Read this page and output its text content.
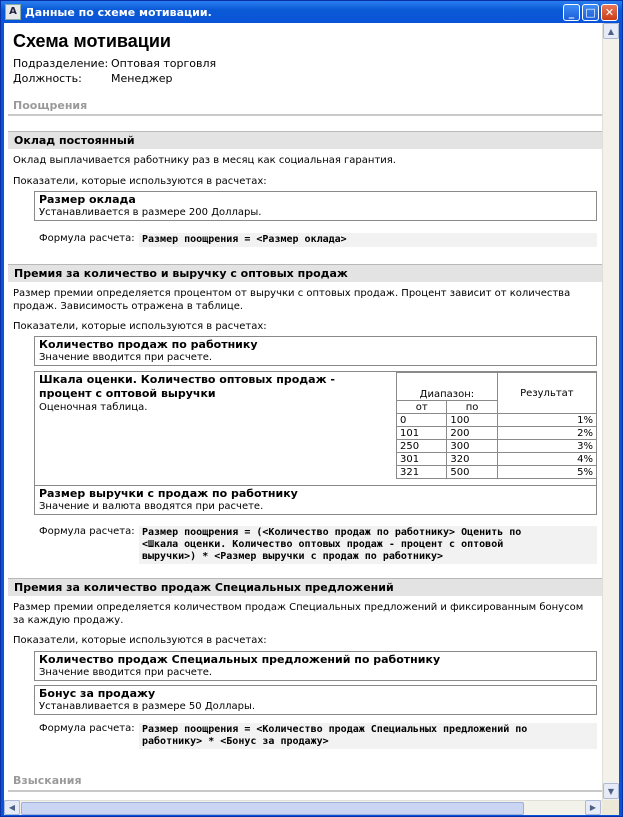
A Данные по схеме мотивации.	_	□ ✕
Схема мотивации
Подразделение: Оптовая торговля
Должность:	Менеджер
Поощрения
Оклад постоянный
Оклад выплачивается работнику раз в месяц как социальная гарантия.
Показатели, которые используются в расчетах:
Размер оклада
Устанавливается в размере 200 Доллары.
Формула расчета: Размер поощрения = <Размер оклада>
Премия за количество и выручку с оптовых продаж
Размер премии определяется процентом от выручки с оптовых продаж. Процент зависит от количества продаж. Зависимость отражена в таблице.
Показатели, которые используются в расчетах:
Количество продаж по работнику
Значение вводится при расчете.
Шкала оценки. Количество оптовых продаж - процент с оптовой выручки
Оценочная таблица.
Диапазон:		Результат
от	по	
0	100	1%
101	200	2%
250	300	3%
301	320	4%
321	500	5%
Размер выручки с продаж по работнику
Значение и валюта вводятся при расчете.
Формула расчета: Размер поощрения = (<Количество продаж по работнику> Оценить по
<Шкала оценки. Количество оптовых продаж - процент с оптовой
выручки>) * <Размер выручки с продаж по работнику>
Премия за количество продаж Специальных предложений
Размер премии определяется количеством продаж Специальных предложений и фиксированным бонусом за каждую продажу.
Показатели, которые используются в расчетах:
Количество продаж Специальных предложений по работнику
Значение вводится при расчете.
Бонус за продажу
Устанавливается в размере 50 Доллары.
Формула расчета: Размер поощрения = <Количество продаж Специальных предложений по
работнику> * <Бонус за продажу>
Взыскания
▲
▼
◀	▶
